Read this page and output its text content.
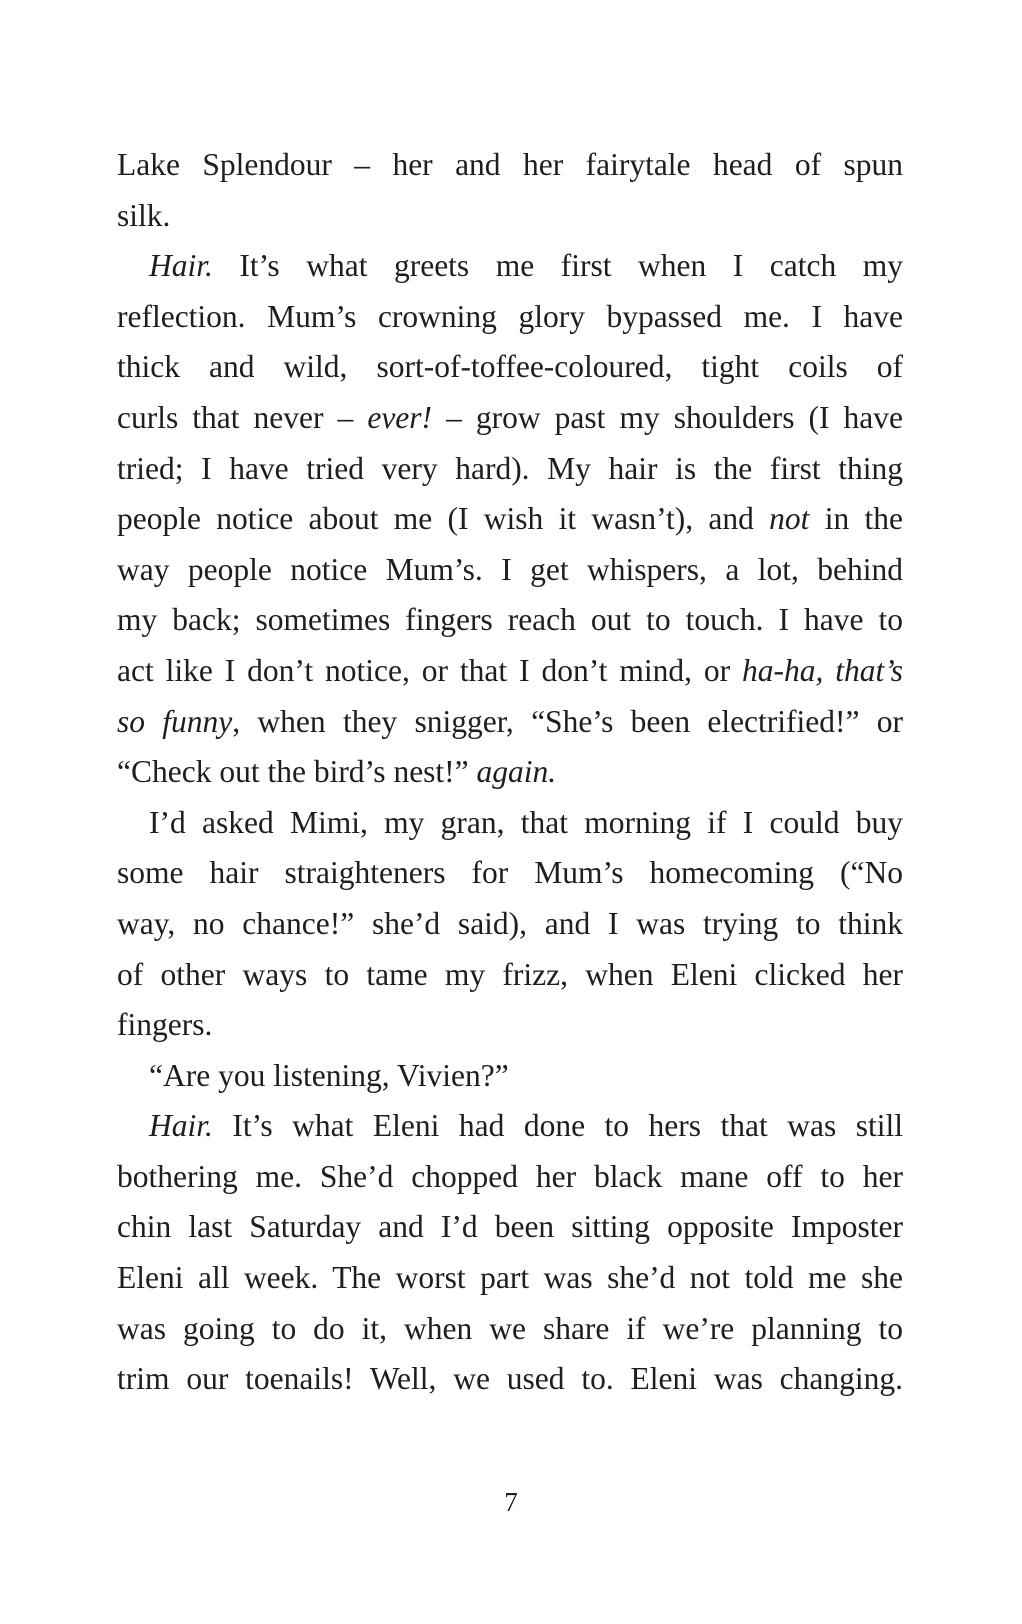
Lake Splendour – her and her fairytale head of spun
silk.
Hair. It’s what greets me first when I catch my
reflection. Mum’s crowning glory bypassed me. I have
thick and wild, sort-of-toffee-coloured, tight coils of
curls that never – ever! – grow past my shoulders (I have
tried; I have tried very hard). My hair is the first thing
people notice about me (I wish it wasn’t), and not in the
way people notice Mum’s. I get whispers, a lot, behind
my back; sometimes fingers reach out to touch. I have to
act like I don’t notice, or that I don’t mind, or ha-ha, that’s
so funny, when they snigger, “She’s been electrified!” or
“Check out the bird’s nest!” again.
I’d asked Mimi, my gran, that morning if I could buy
some hair straighteners for Mum’s homecoming (“No
way, no chance!” she’d said), and I was trying to think
of other ways to tame my frizz, when Eleni clicked her
fingers.
“Are you listening, Vivien?”
Hair. It’s what Eleni had done to hers that was still
bothering me. She’d chopped her black mane off to her
chin last Saturday and I’d been sitting opposite Imposter
Eleni all week. The worst part was she’d not told me she
was going to do it, when we share if we’re planning to
trim our toenails! Well, we used to. Eleni was changing.
7
